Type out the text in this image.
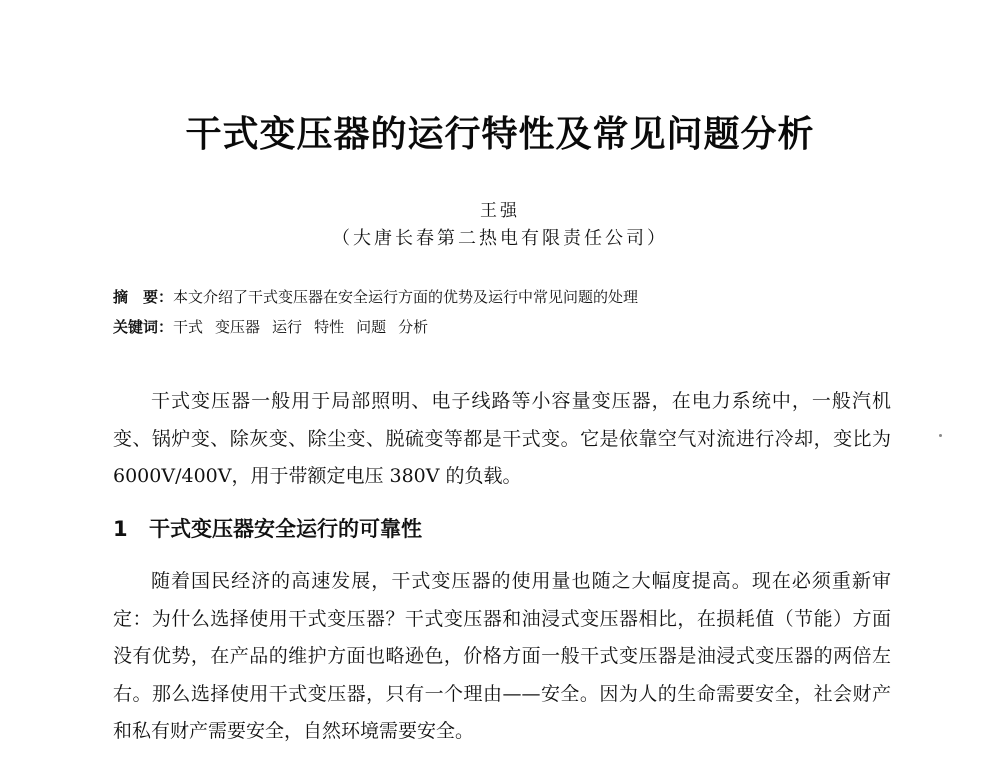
干式变压器的运行特性及常见问题分析
王强
（大唐长春第二热电有限责任公司）
摘　要：本文介绍了干式变压器在安全运行方面的优势及运行中常见问题的处理
关键词：干式 变压器 运行 特性 问题 分析

干式变压器一般用于局部照明、电子线路等小容量变压器，在电力系统中，一般汽机变、锅炉变、除灰变、除尘变、脱硫变等都是干式变。它是依靠空气对流进行冷却，变比为 6000V/400V，用于带额定电压 380V 的负载。

1 干式变压器安全运行的可靠性

随着国民经济的高速发展，干式变压器的使用量也随之大幅度提高。现在必须重新审定：为什么选择使用干式变压器？干式变压器和油浸式变压器相比，在损耗值（节能）方面没有优势，在产品的维护方面也略逊色，价格方面一般干式变压器是油浸式变压器的两倍左右。那么选择使用干式变压器，只有一个理由——安全。因为人的生命需要安全，社会财产和私有财产需要安全，自然环境需要安全。
